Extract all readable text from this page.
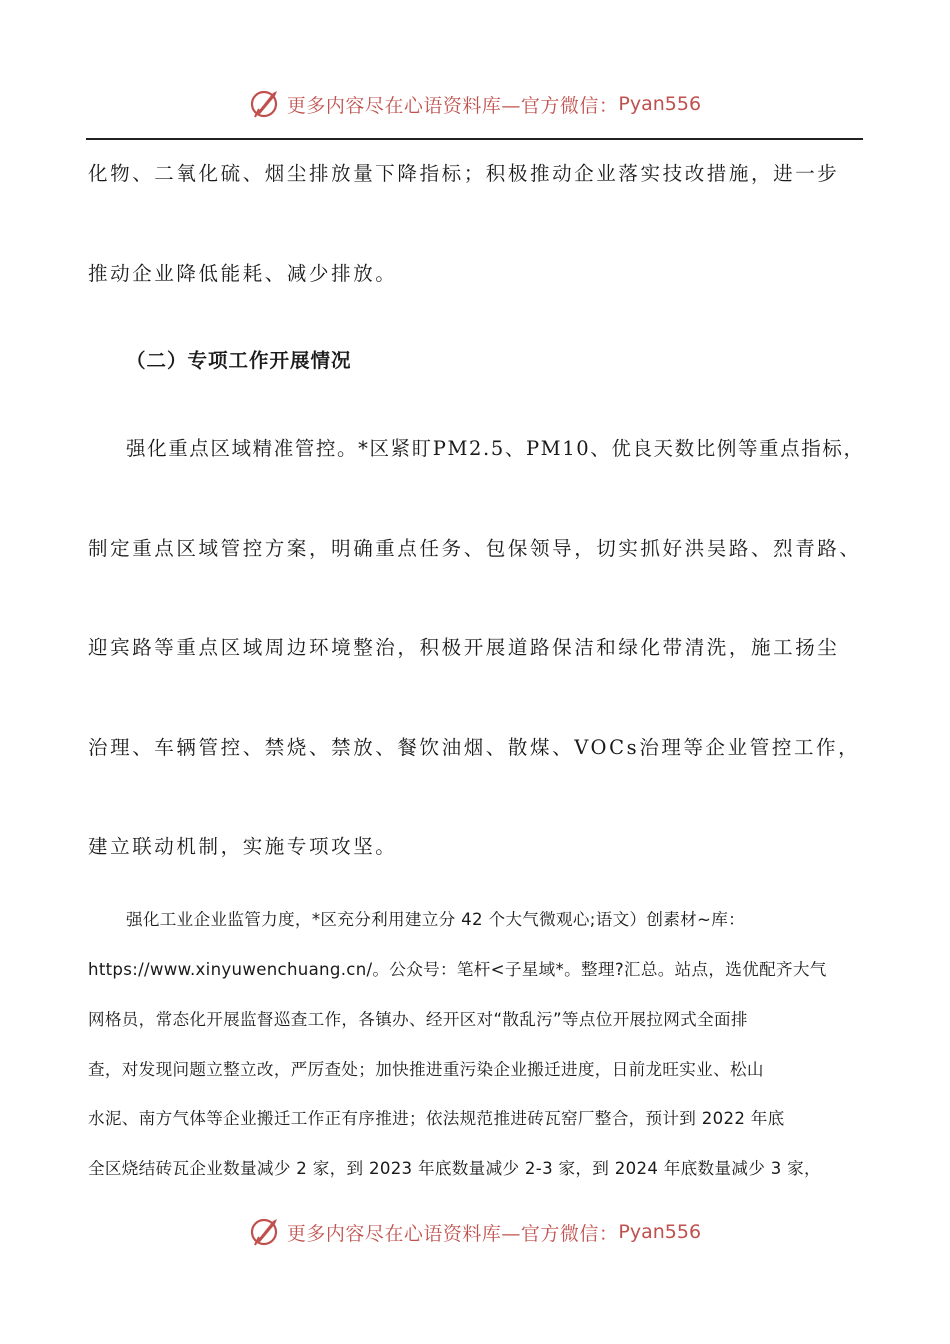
更多内容尽在心语资料库—官方微信： Pyan556
化物、二氧化硫、烟尘排放量下降指标；积极推动企业落实技改措施，进一步
推动企业降低能耗、减少排放。
（二）专项工作开展情况
强化重点区域精准管控。*区紧盯PM2.5、PM10、优良天数比例等重点指标，
制定重点区域管控方案，明确重点任务、包保领导，切实抓好洪吴路、烈青路、
迎宾路等重点区域周边环境整治，积极开展道路保洁和绿化带清洗，施工扬尘
治理、车辆管控、禁烧、禁放、餐饮油烟、散煤、VOCs治理等企业管控工作，
建立联动机制，实施专项攻坚。
强化工业企业监管力度，*区充分利用建立分 42 个大气微观心;语文）创素材~库：
https://www.xinyuwenchuang.cn/。公众号：笔杆<子星域*。整理?汇总。站点，选优配齐大气
网格员，常态化开展监督巡查工作，各镇办、经开区对“散乱污”等点位开展拉网式全面排
查，对发现问题立整立改，严厉查处；加快推进重污染企业搬迁进度，日前龙旺实业、松山
水泥、南方气体等企业搬迁工作正有序推进；依法规范推进砖瓦窑厂整合，预计到 2022 年底
全区烧结砖瓦企业数量减少 2 家，到 2023 年底数量减少 2-3 家，到 2024 年底数量减少 3 家，
更多内容尽在心语资料库—官方微信： Pyan556
